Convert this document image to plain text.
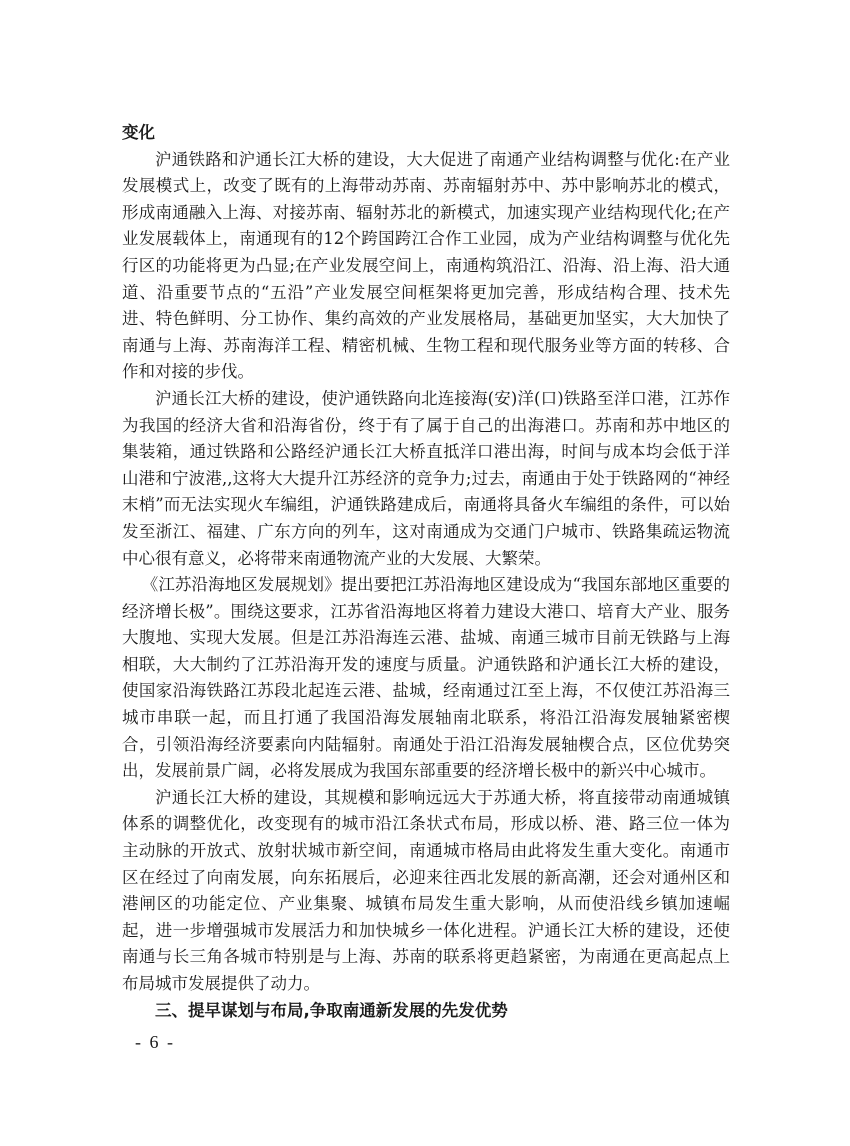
变化

沪通铁路和沪通长江大桥的建设，大大促进了南通产业结构调整与优化:在产业发展模式上，改变了既有的上海带动苏南、苏南辐射苏中、苏中影响苏北的模式，形成南通融入上海、对接苏南、辐射苏北的新模式，加速实现产业结构现代化;在产业发展载体上，南通现有的12个跨国跨江合作工业园，成为产业结构调整与优化先行区的功能将更为凸显;在产业发展空间上，南通构筑沿江、沿海、沿上海、沿大通道、沿重要节点的“五沿”产业发展空间框架将更加完善，形成结构合理、技术先进、特色鲜明、分工协作、集约高效的产业发展格局，基础更加坚实，大大加快了南通与上海、苏南海洋工程、精密机械、生物工程和现代服务业等方面的转移、合作和对接的步伐。

沪通长江大桥的建设，使沪通铁路向北连接海(安)洋(口)铁路至洋口港，江苏作为我国的经济大省和沿海省份，终于有了属于自己的出海港口。苏南和苏中地区的集装箱，通过铁路和公路经沪通长江大桥直抵洋口港出海，时间与成本均会低于洋山港和宁波港,,这将大大提升江苏经济的竞争力;过去，南通由于处于铁路网的“神经末梢”而无法实现火车编组，沪通铁路建成后，南通将具备火车编组的条件，可以始发至浙江、福建、广东方向的列车，这对南通成为交通门户城市、铁路集疏运物流中心很有意义，必将带来南通物流产业的大发展、大繁荣。

《江苏沿海地区发展规划》提出要把江苏沿海地区建设成为“我国东部地区重要的经济增长极”。围绕这要求，江苏省沿海地区将着力建设大港口、培育大产业、服务大腹地、实现大发展。但是江苏沿海连云港、盐城、南通三城市目前无铁路与上海相联，大大制约了江苏沿海开发的速度与质量。沪通铁路和沪通长江大桥的建设，使国家沿海铁路江苏段北起连云港、盐城，经南通过江至上海，不仅使江苏沿海三城市串联一起，而且打通了我国沿海发展轴南北联系，将沿江沿海发展轴紧密楔合，引领沿海经济要素向内陆辐射。南通处于沿江沿海发展轴楔合点，区位优势突出，发展前景广阔，必将发展成为我国东部重要的经济增长极中的新兴中心城市。

沪通长江大桥的建设，其规模和影响远远大于苏通大桥，将直接带动南通城镇体系的调整优化，改变现有的城市沿江条状式布局，形成以桥、港、路三位一体为主动脉的开放式、放射状城市新空间，南通城市格局由此将发生重大变化。南通市区在经过了向南发展，向东拓展后，必迎来往西北发展的新高潮，还会对通州区和港闸区的功能定位、产业集聚、城镇布局发生重大影响，从而使沿线乡镇加速崛起，进一步增强城市发展活力和加快城乡一体化进程。沪通长江大桥的建设，还使南通与长三角各城市特别是与上海、苏南的联系将更趋紧密，为南通在更高起点上布局城市发展提供了动力。

三、提早谋划与布局,争取南通新发展的先发优势

- 6 -
